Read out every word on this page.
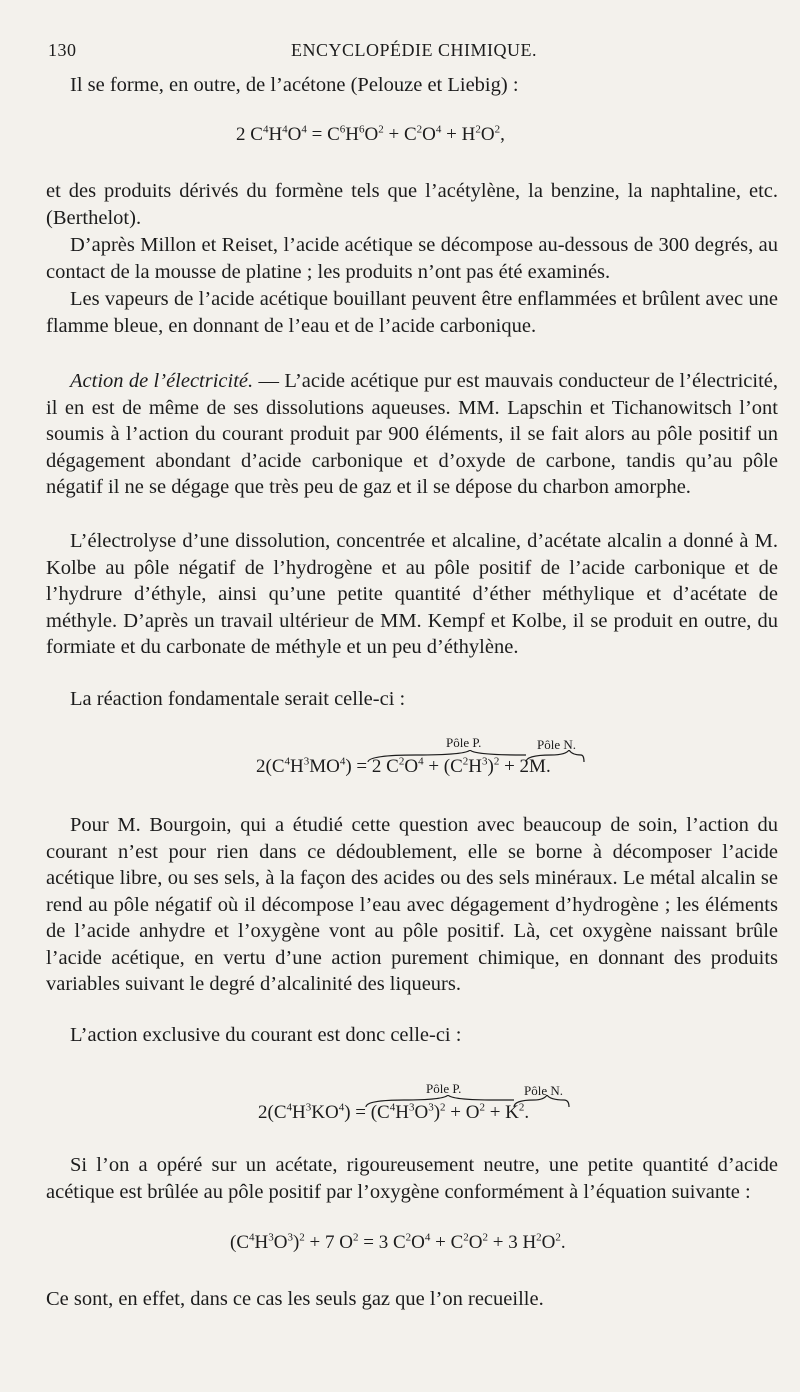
130	ENCYCLOPÉDIE CHIMIQUE.

Il se forme, en outre, de l’acétone (Pelouze et Liebig) :

2 $C^4H^4O^4 = C^6H^6O^2 + C^2O^4 + H^2O^2$,

et des produits dérivés du formène tels que l’acétylène, la benzine, la naphtaline, etc. (Berthelot).

D’après Millon et Reiset, l’acide acétique se décompose au-dessous de 300 degrés, au contact de la mousse de platine ; les produits n’ont pas été examinés.

Les vapeurs de l’acide acétique bouillant peuvent être enflammées et brûlent avec une flamme bleue, en donnant de l’eau et de l’acide carbonique.

Action de l’électricité. — L’acide acétique pur est mauvais conducteur de l’électricité, il en est de même de ses dissolutions aqueuses. MM. Lapschin et Tichanowitsch l’ont soumis à l’action du courant produit par 900 éléments, il se fait alors au pôle positif un dégagement abondant d’acide carbonique et d’oxyde de carbone, tandis qu’au pôle négatif il ne se dégage que très peu de gaz et il se dépose du charbon amorphe.

L’électrolyse d’une dissolution, concentrée et alcaline, d’acétate alcalin a donné à M. Kolbe au pôle négatif de l’hydrogène et au pôle positif de l’acide carbonique et de l’hydrure d’éthyle, ainsi qu’une petite quantité d’éther méthylique et d’acétate de méthyle. D’après un travail ultérieur de MM. Kempf et Kolbe, il se produit en outre, du formiate et du carbonate de méthyle et un peu d’éthylène.

La réaction fondamentale serait celle-ci :

Pôle P.	Pôle N.
$2(C^4H^3MO^4) = 2$ $C^2O^4 + (C^2H^3)^2 + 2M$.

Pour M. Bourgoin, qui a étudié cette question avec beaucoup de soin, l’action du courant n’est pour rien dans ce dédoublement, elle se borne à décomposer l’acide acétique libre, ou ses sels, à la façon des acides ou des sels minéraux. Le métal alcalin se rend au pôle négatif où il décompose l’eau avec dégagement d’hydrogène ; les éléments de l’acide anhydre et l’oxygène vont au pôle positif. Là, cet oxygène naissant brûle l’acide acétique, en vertu d’une action purement chimique, en donnant des produits variables suivant le degré d’alcalinité des liqueurs.

L’action exclusive du courant est donc celle-ci :

Pôle P.	Pôle N.
$2(C^4H^3KO^4) = (C^4H^3O^3)^2 + O^2 + K^2$.

Si l’on a opéré sur un acétate, rigoureusement neutre, une petite quantité d’acide acétique est brûlée au pôle positif par l’oxygène conformément à l’équation suivante :

$(C^4H^3O^3)^2 + 7$ $O^2 = 3$ $C^2O^4 + C^2O^2 + 3$ $H^2O^2$.

Ce sont, en effet, dans ce cas les seuls gaz que l’on recueille.
